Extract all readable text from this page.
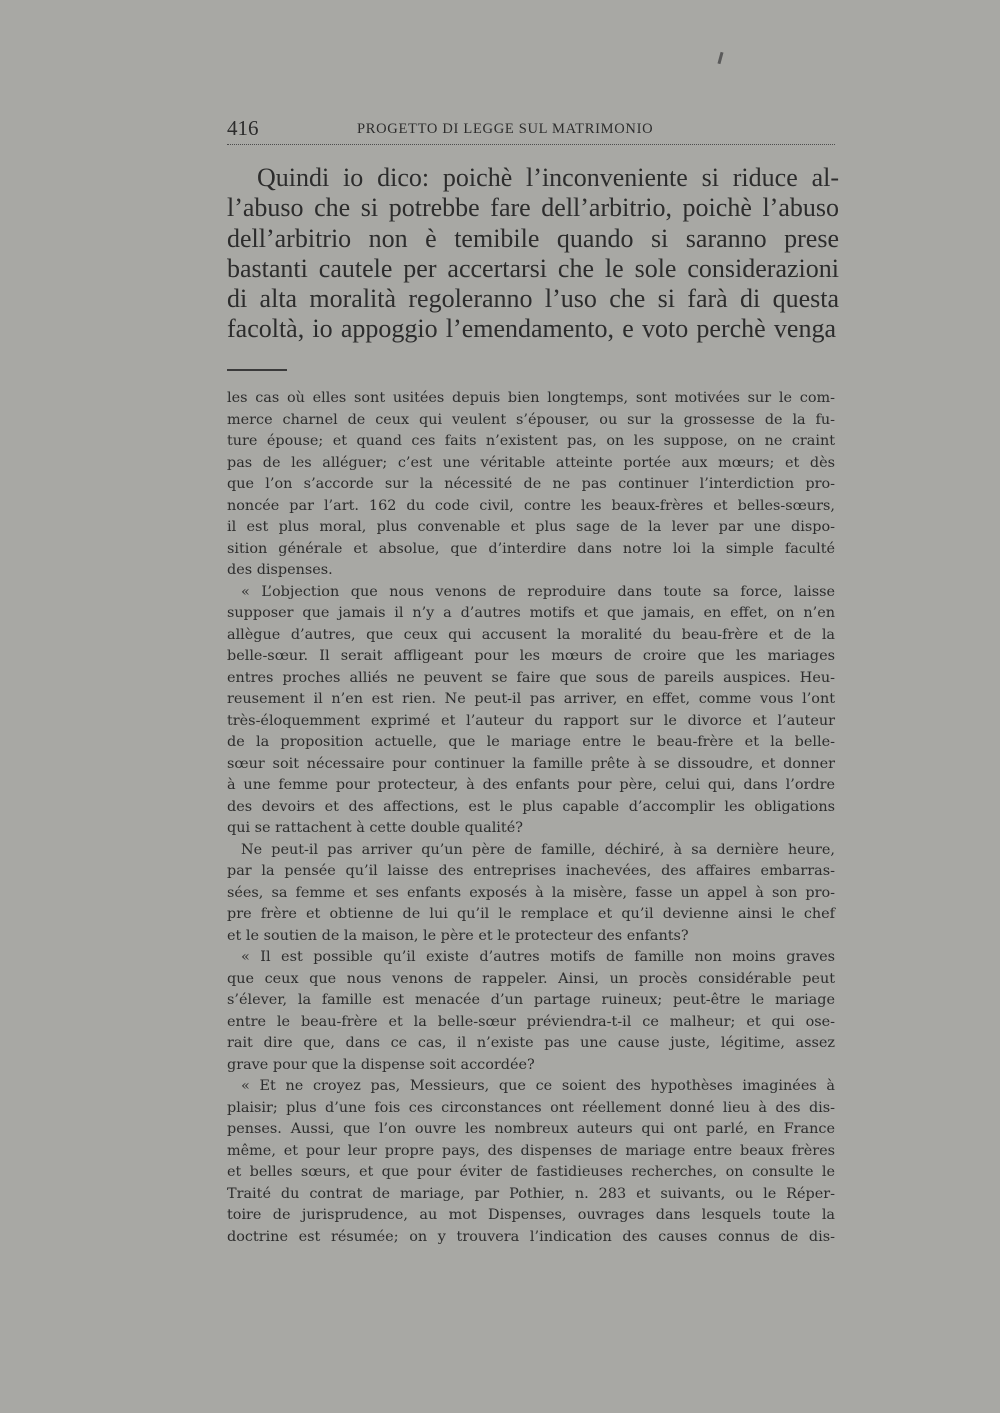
416	PROGETTO DI LEGGE SUL MATRIMONIO
Quindi io dico: poichè l’inconveniente si riduce al-
l’abuso che si potrebbe fare dell’arbitrio, poichè l’abuso
dell’arbitrio non è temibile quando si saranno prese
bastanti cautele per accertarsi che le sole considerazioni
di alta moralità regoleranno l’uso che si farà di questa
facoltà, io appoggio l’emendamento, e voto perchè venga
les cas où elles sont usitées depuis bien longtemps, sont motivées sur le com-
merce charnel de ceux qui veulent s’épouser, ou sur la grossesse de la fu-
ture épouse; et quand ces faits n’existent pas, on les suppose, on ne craint
pas de les alléguer; c’est une véritable atteinte portée aux mœurs; et dès
que l’on s’accorde sur la nécessité de ne pas continuer l’interdiction pro-
noncée par l’art. 162 du code civil, contre les beaux-frères et belles-sœurs,
il est plus moral, plus convenable et plus sage de la lever par une dispo-
sition générale et absolue, que d’interdire dans notre loi la simple faculté
des dispenses.
« L’objection que nous venons de reproduire dans toute sa force, laisse
supposer que jamais il n’y a d’autres motifs et que jamais, en effet, on n’en
allègue d’autres, que ceux qui accusent la moralité du beau-frère et de la
belle-sœur. Il serait affligeant pour les mœurs de croire que les mariages
entres proches alliés ne peuvent se faire que sous de pareils auspices. Heu-
reusement il n’en est rien. Ne peut-il pas arriver, en effet, comme vous l’ont
très-éloquemment exprimé et l’auteur du rapport sur le divorce et l’auteur
de la proposition actuelle, que le mariage entre le beau-frère et la belle-
sœur soit nécessaire pour continuer la famille prête à se dissoudre, et donner
à une femme pour protecteur, à des enfants pour père, celui qui, dans l’ordre
des devoirs et des affections, est le plus capable d’accomplir les obligations
qui se rattachent à cette double qualité?
Ne peut-il pas arriver qu’un père de famille, déchiré, à sa dernière heure,
par la pensée qu’il laisse des entreprises inachevées, des affaires embarras-
sées, sa femme et ses enfants exposés à la misère, fasse un appel à son pro-
pre frère et obtienne de lui qu’il le remplace et qu’il devienne ainsi le chef
et le soutien de la maison, le père et le protecteur des enfants?
« Il est possible qu’il existe d’autres motifs de famille non moins graves
que ceux que nous venons de rappeler. Ainsi, un procès considérable peut
s’élever, la famille est menacée d’un partage ruineux; peut-être le mariage
entre le beau-frère et la belle-sœur préviendra-t-il ce malheur; et qui ose-
rait dire que, dans ce cas, il n’existe pas une cause juste, légitime, assez
grave pour que la dispense soit accordée?
« Et ne croyez pas, Messieurs, que ce soient des hypothèses imaginées à
plaisir; plus d’une fois ces circonstances ont réellement donné lieu à des dis-
penses. Aussi, que l’on ouvre les nombreux auteurs qui ont parlé, en France
même, et pour leur propre pays, des dispenses de mariage entre beaux frères
et belles sœurs, et que pour éviter de fastidieuses recherches, on consulte le
Traité du contrat de mariage, par Pothier, n. 283 et suivants, ou le Réper-
toire de jurisprudence, au mot Dispenses, ouvrages dans lesquels toute la
doctrine est résumée; on y trouvera l’indication des causes connus de dis-
